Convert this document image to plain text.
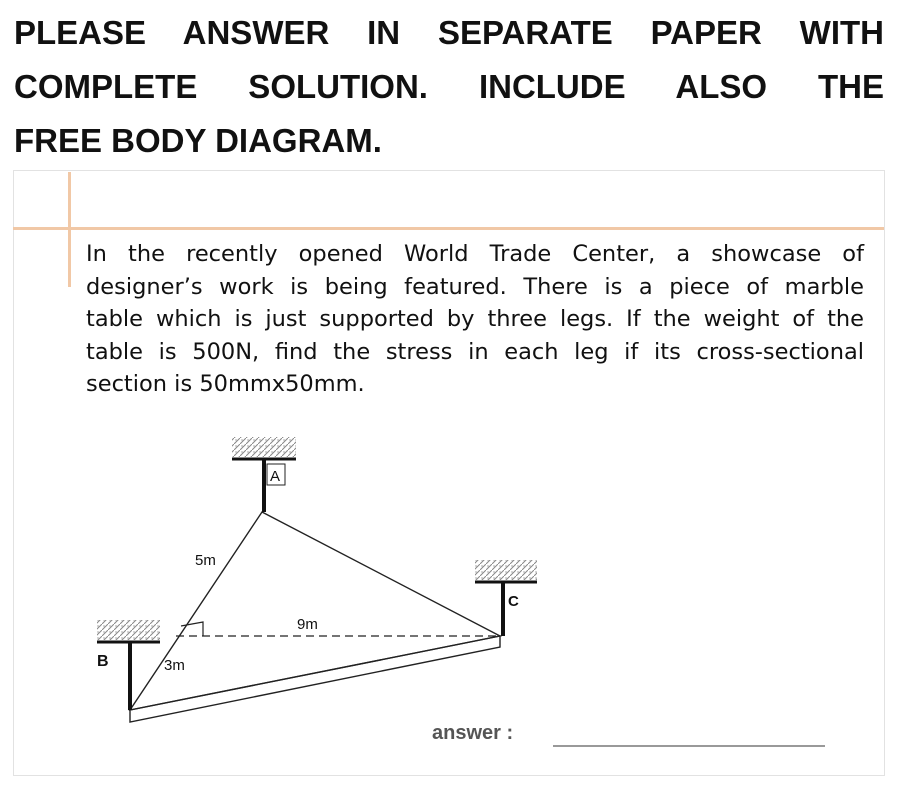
PLEASE ANSWER IN SEPARATE PAPER WITH
COMPLETE SOLUTION. INCLUDE ALSO THE
FREE BODY DIAGRAM.
In the recently opened World Trade Center, a showcase of
designer’s work is being featured. There is a piece of marble
table which is just supported by three legs. If the weight of the
table is 500N, find the stress in each leg if its cross-sectional
section is 50mmx50mm.
A
B
C
5m
3m
9m
answer :
